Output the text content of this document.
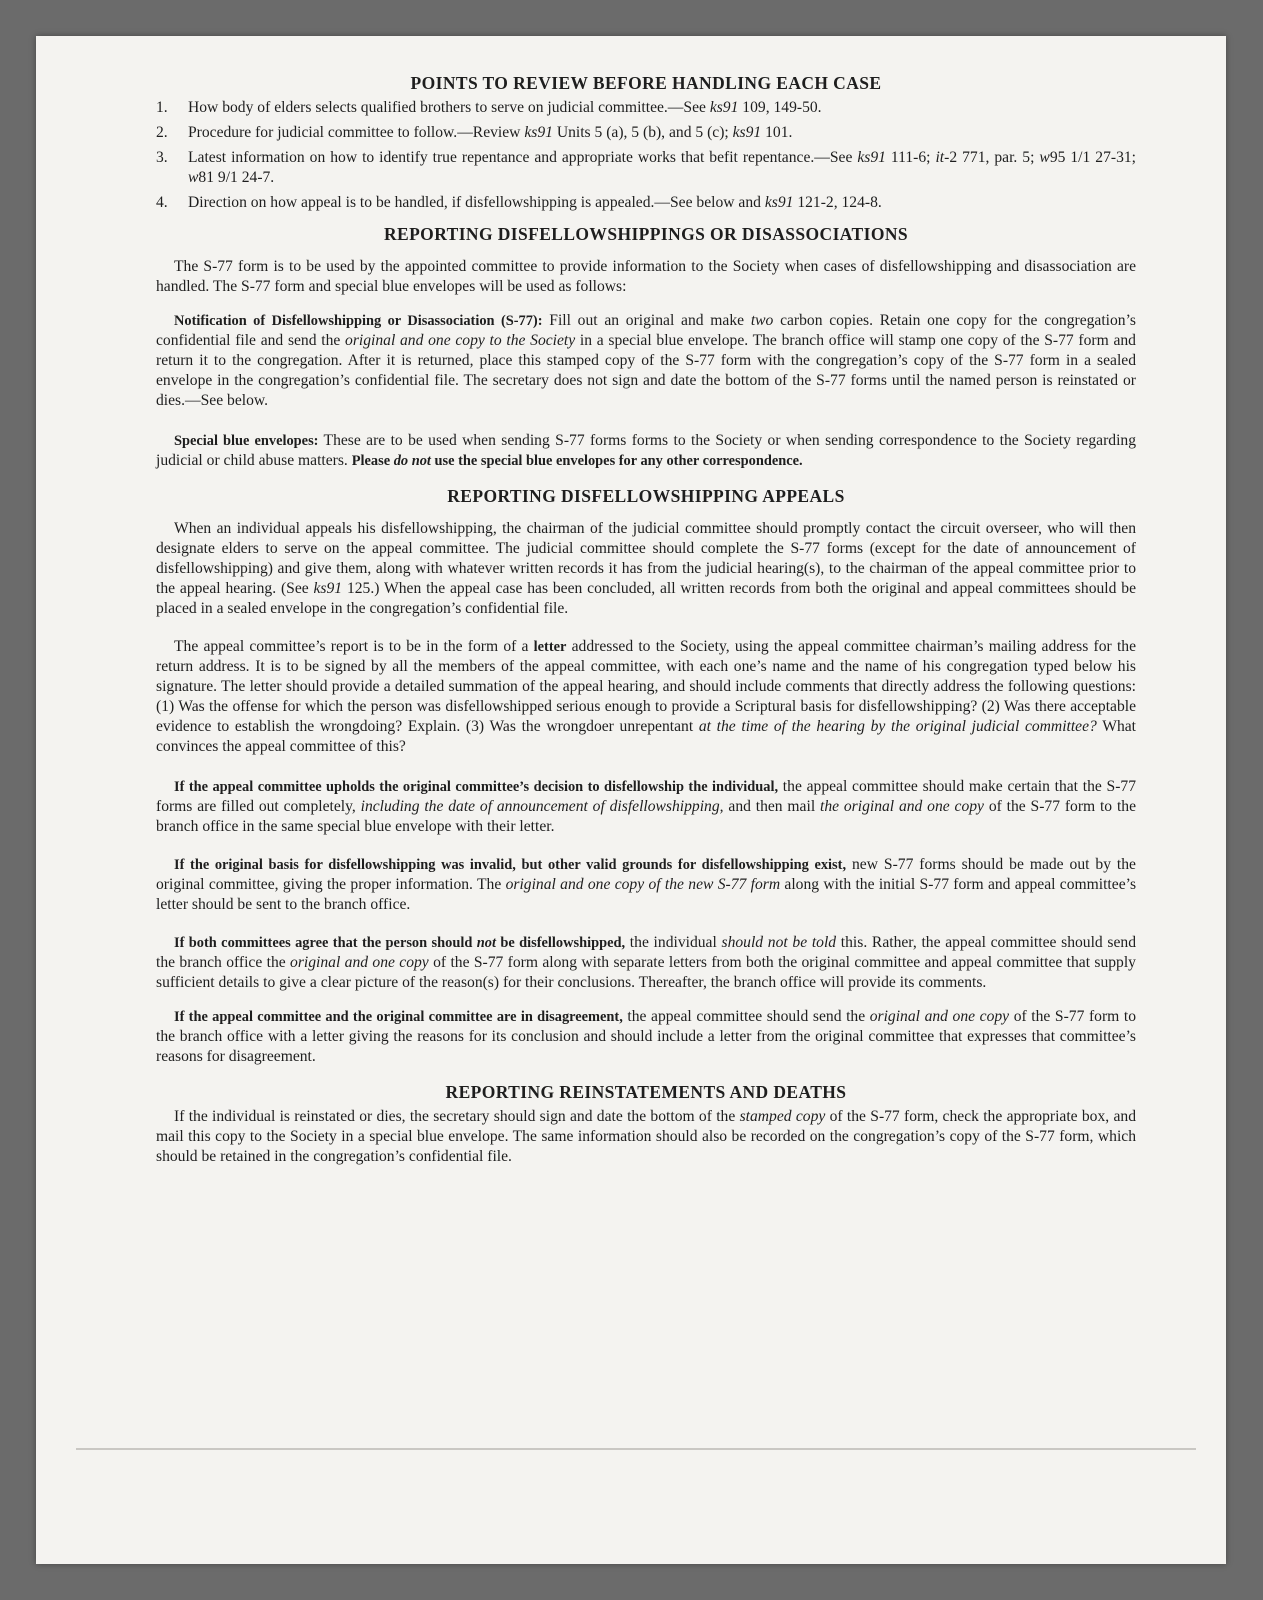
POINTS TO REVIEW BEFORE HANDLING EACH CASE
1.	How body of elders selects qualified brothers to serve on judicial committee.—See ks91 109, 149-50.
2.	Procedure for judicial committee to follow.—Review ks91 Units 5 (a), 5 (b), and 5 (c); ks91 101.
3.	Latest information on how to identify true repentance and appropriate works that befit repentance.—See ks91 111-6; it-2 771, par. 5; w95 1/1 27-31; w81 9/1 24-7.
4.	Direction on how appeal is to be handled, if disfellowshipping is appealed.—See below and ks91 121-2, 124-8.
REPORTING DISFELLOWSHIPPINGS OR DISASSOCIATIONS

The S-77 form is to be used by the appointed committee to provide information to the Society when cases of disfellowshipping and disassociation are handled. The S-77 form and special blue envelopes will be used as follows:

Notification of Disfellowshipping or Disassociation (S-77): Fill out an original and make two carbon copies. Retain one copy for the congregation’s confidential file and send the original and one copy to the Society in a special blue envelope. The branch office will stamp one copy of the S-77 form and return it to the congregation. After it is returned, place this stamped copy of the S-77 form with the congregation’s copy of the S-77 form in a sealed envelope in the congregation’s confidential file. The secretary does not sign and date the bottom of the S-77 forms until the named person is reinstated or dies.—See below.

Special blue envelopes: These are to be used when sending S-77 forms forms to the Society or when sending correspondence to the Society regarding judicial or child abuse matters. Please do not use the special blue envelopes for any other correspondence.

REPORTING DISFELLOWSHIPPING APPEALS

When an individual appeals his disfellowshipping, the chairman of the judicial committee should promptly contact the circuit overseer, who will then designate elders to serve on the appeal committee. The judicial committee should complete the S-77 forms (except for the date of announcement of disfellowshipping) and give them, along with whatever written records it has from the judicial hearing(s), to the chairman of the appeal committee prior to the appeal hearing. (See ks91 125.) When the appeal case has been concluded, all written records from both the original and appeal committees should be placed in a sealed envelope in the congregation’s confidential file.

The appeal committee’s report is to be in the form of a letter addressed to the Society, using the appeal committee chairman’s mailing address for the return address. It is to be signed by all the members of the appeal committee, with each one’s name and the name of his congregation typed below his signature. The letter should provide a detailed summation of the appeal hearing, and should include comments that directly address the following questions: (1) Was the offense for which the person was disfellowshipped serious enough to provide a Scriptural basis for disfellowshipping? (2) Was there acceptable evidence to establish the wrongdoing? Explain. (3) Was the wrongdoer unrepentant at the time of the hearing by the original judicial committee? What convinces the appeal committee of this?

If the appeal committee upholds the original committee’s decision to disfellowship the individual, the appeal committee should make certain that the S-77 forms are filled out completely, including the date of announcement of disfellowshipping, and then mail the original and one copy of the S-77 form to the branch office in the same special blue envelope with their letter.

If the original basis for disfellowshipping was invalid, but other valid grounds for disfellowshipping exist, new S-77 forms should be made out by the original committee, giving the proper information. The original and one copy of the new S-77 form along with the initial S-77 form and appeal committee’s letter should be sent to the branch office.

If both committees agree that the person should not be disfellowshipped, the individual should not be told this. Rather, the appeal committee should send the branch office the original and one copy of the S-77 form along with separate letters from both the original committee and appeal committee that supply sufficient details to give a clear picture of the reason(s) for their conclusions. Thereafter, the branch office will provide its comments.

If the appeal committee and the original committee are in disagreement, the appeal committee should send the original and one copy of the S-77 form to the branch office with a letter giving the reasons for its conclusion and should include a letter from the original committee that expresses that committee’s reasons for disagreement.

REPORTING REINSTATEMENTS AND DEATHS

If the individual is reinstated or dies, the secretary should sign and date the bottom of the stamped copy of the S-77 form, check the appropriate box, and mail this copy to the Society in a special blue envelope. The same information should also be recorded on the congregation’s copy of the S-77 form, which should be retained in the congregation’s confidential file.
